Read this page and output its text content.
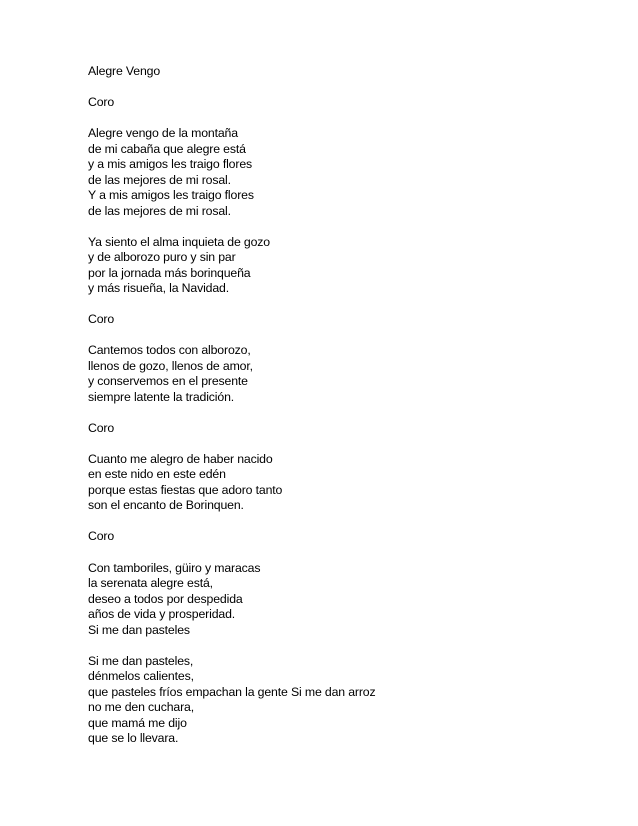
Alegre Vengo
Coro
Alegre vengo de la montaña
de mi cabaña que alegre está
y a mis amigos les traigo flores
de las mejores de mi rosal.
Y a mis amigos les traigo flores
de las mejores de mi rosal.
Ya siento el alma inquieta de gozo
y de alborozo puro y sin par
por la jornada más borinqueña
y más risueña, la Navidad.
Coro
Cantemos todos con alborozo,
llenos de gozo, llenos de amor,
y conservemos en el presente
siempre latente la tradición.
Coro
Cuanto me alegro de haber nacido
en este nido en este edén
porque estas fiestas que adoro tanto
son el encanto de Borinquen.
Coro
Con tamboriles, güiro y maracas
la serenata alegre está,
deseo a todos por despedida
años de vida y prosperidad.
Si me dan pasteles
Si me dan pasteles,
dénmelos calientes,
que pasteles fríos empachan la gente Si me dan arroz
no me den cuchara,
que mamá me dijo
que se lo llevara.
